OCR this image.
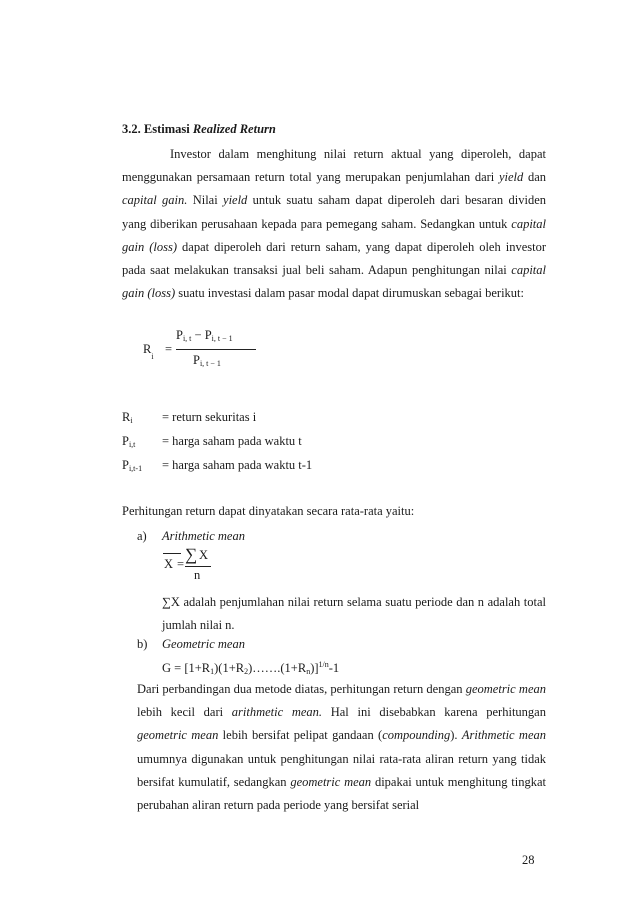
3.2. Estimasi Realized Return

Investor dalam menghitung nilai return aktual yang diperoleh, dapat menggunakan persamaan return total yang merupakan penjumlahan dari yield dan capital gain. Nilai yield untuk suatu saham dapat diperoleh dari besaran dividen yang diberikan perusahaan kepada para pemegang saham. Sedangkan untuk capital gain (loss) dapat diperoleh dari return saham, yang dapat diperoleh oleh investor pada saat melakukan transaksi jual beli saham. Adapun penghitungan nilai capital gain (loss) suatu investasi dalam pasar modal dapat dirumuskan sebagai berikut:

$R_i$
=
$P_{i, t} - P_{i, t - 1}$
$P_{i, t - 1}$
$R_i$	= return sekuritas i
$P_{i,t}$	= harga saham pada waktu t
$P_{i,t-1}$	= harga saham pada waktu t-1
Perhitungan return dapat dinyatakan secara rata-rata yaitu:
a) Arithmetic mean
X = ∑ X
n

∑X adalah penjumlahan nilai return selama suatu periode dan n adalah total jumlah nilai n.

b) Geometric mean
$G = [1+R_1)(1+R_2)\dots\dots.(1+R_n)]^{1/n}-1$

Dari perbandingan dua metode diatas, perhitungan return dengan geometric mean lebih kecil dari arithmetic mean. Hal ini disebabkan karena perhitungan geometric mean lebih bersifat pelipat gandaan (compounding). Arithmetic mean umumnya digunakan untuk penghitungan nilai rata-rata aliran return yang tidak bersifat kumulatif, sedangkan geometric mean dipakai untuk menghitung tingkat perubahan aliran return pada periode yang bersifat serial

28
